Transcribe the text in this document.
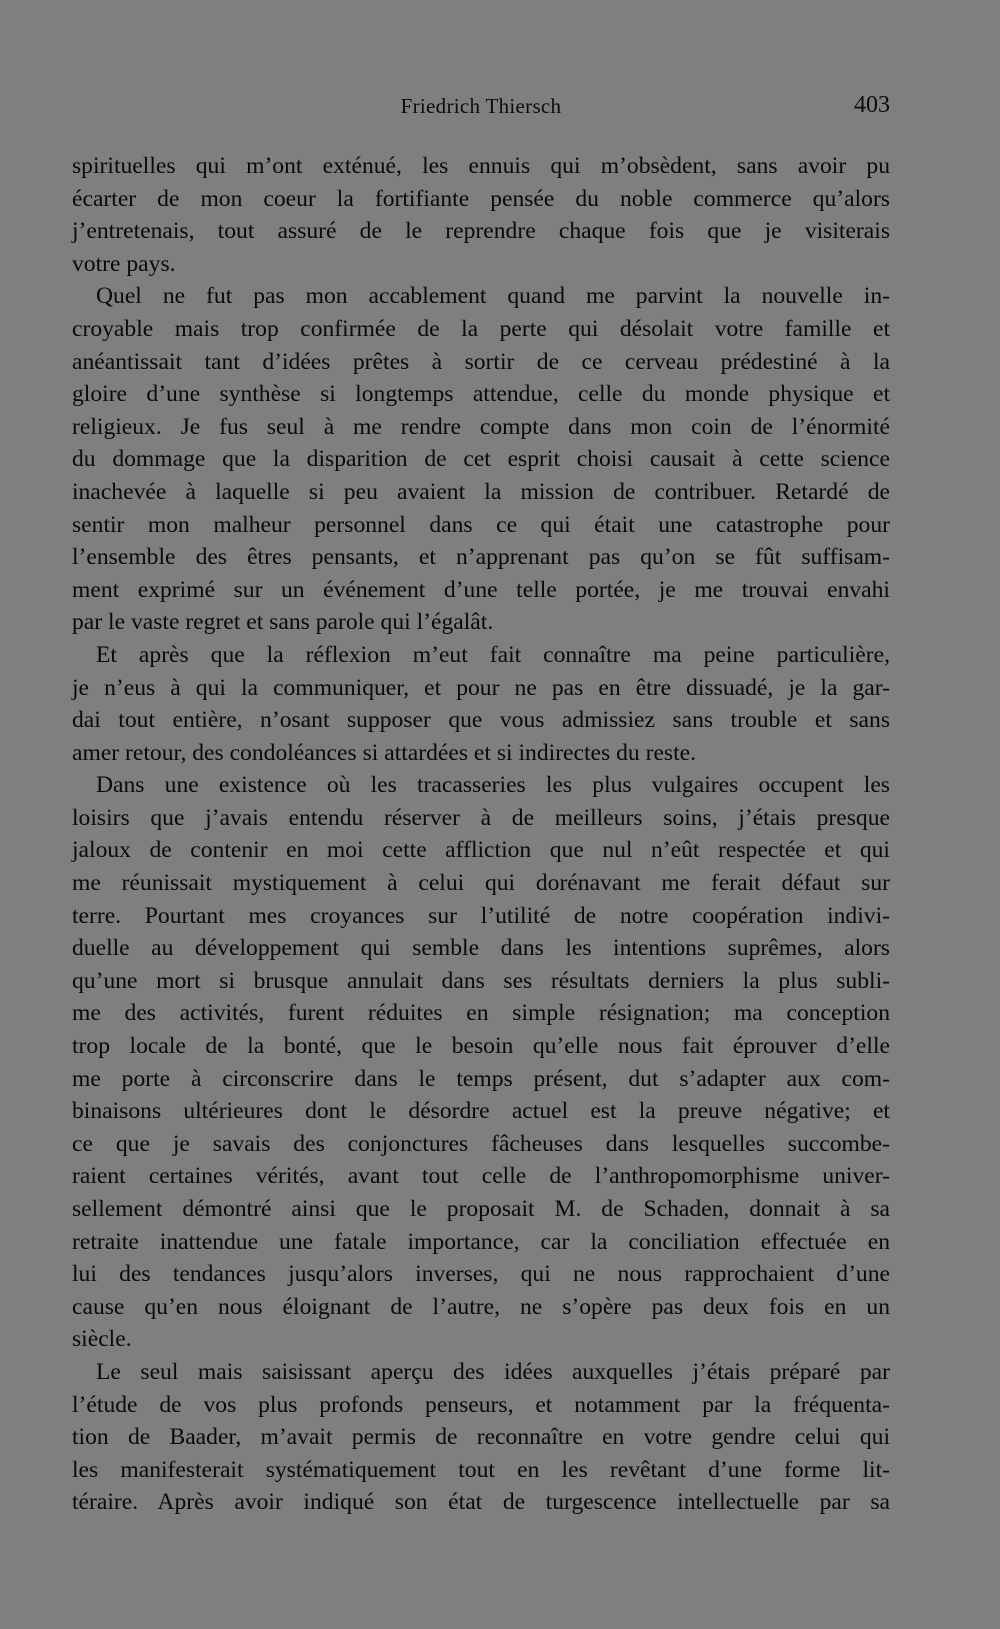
Friedrich Thiersch	403
spirituelles qui m’ont exténué, les ennuis qui m’obsèdent, sans avoir pu
écarter de mon coeur la fortifiante pensée du noble commerce qu’alors
j’entretenais, tout assuré de le reprendre chaque fois que je visiterais
votre pays.
Quel ne fut pas mon accablement quand me parvint la nouvelle in-
croyable mais trop confirmée de la perte qui désolait votre famille et
anéantissait tant d’idées prêtes à sortir de ce cerveau prédestiné à la
gloire d’une synthèse si longtemps attendue, celle du monde physique et
religieux. Je fus seul à me rendre compte dans mon coin de l’énormité
du dommage que la disparition de cet esprit choisi causait à cette science
inachevée à laquelle si peu avaient la mission de contribuer. Retardé de
sentir mon malheur personnel dans ce qui était une catastrophe pour
l’ensemble des êtres pensants, et n’apprenant pas qu’on se fût suffisam-
ment exprimé sur un événement d’une telle portée, je me trouvai envahi
par le vaste regret et sans parole qui l’égalât.
Et après que la réflexion m’eut fait connaître ma peine particulière,
je n’eus à qui la communiquer, et pour ne pas en être dissuadé, je la gar-
dai tout entière, n’osant supposer que vous admissiez sans trouble et sans
amer retour, des condoléances si attardées et si indirectes du reste.
Dans une existence où les tracasseries les plus vulgaires occupent les
loisirs que j’avais entendu réserver à de meilleurs soins, j’étais presque
jaloux de contenir en moi cette affliction que nul n’eût respectée et qui
me réunissait mystiquement à celui qui dorénavant me ferait défaut sur
terre. Pourtant mes croyances sur l’utilité de notre coopération indivi-
duelle au développement qui semble dans les intentions suprêmes, alors
qu’une mort si brusque annulait dans ses résultats derniers la plus subli-
me des activités, furent réduites en simple résignation; ma conception
trop locale de la bonté, que le besoin qu’elle nous fait éprouver d’elle
me porte à circonscrire dans le temps présent, dut s’adapter aux com-
binaisons ultérieures dont le désordre actuel est la preuve négative; et
ce que je savais des conjonctures fâcheuses dans lesquelles succombe-
raient certaines vérités, avant tout celle de l’anthropomorphisme univer-
sellement démontré ainsi que le proposait M. de Schaden, donnait à sa
retraite inattendue une fatale importance, car la conciliation effectuée en
lui des tendances jusqu’alors inverses, qui ne nous rapprochaient d’une
cause qu’en nous éloignant de l’autre, ne s’opère pas deux fois en un
siècle.
Le seul mais saisissant aperçu des idées auxquelles j’étais préparé par
l’étude de vos plus profonds penseurs, et notamment par la fréquenta-
tion de Baader, m’avait permis de reconnaître en votre gendre celui qui
les manifesterait systématiquement tout en les revêtant d’une forme lit-
téraire. Après avoir indiqué son état de turgescence intellectuelle par sa
